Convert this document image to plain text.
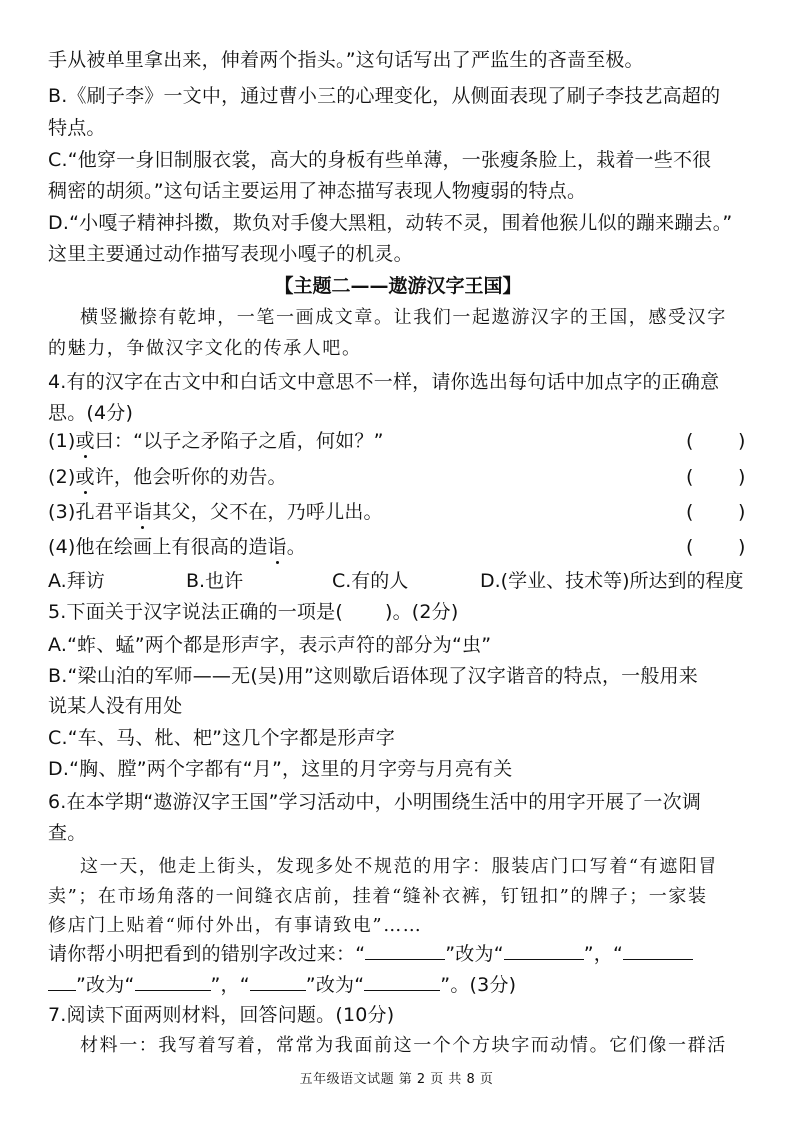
手从被单里拿出来，伸着两个指头。”这句话写出了严监生的吝啬至极。
B.《刷子李》一文中，通过曹小三的心理变化，从侧面表现了刷子李技艺高超的
特点。
C.“他穿一身旧制服衣裳，高大的身板有些单薄，一张瘦条脸上，栽着一些不很
稠密的胡须。”这句话主要运用了神态描写表现人物瘦弱的特点。
D.“小嘎子精神抖擞，欺负对手傻大黑粗，动转不灵，围着他猴儿似的蹦来蹦去。”
这里主要通过动作描写表现小嘎子的机灵。
【主题二——遨游汉字王国】
横竖撇捺有乾坤，一笔一画成文章。让我们一起遨游汉字的王国，感受汉字
的魅力，争做汉字文化的传承人吧。
4.有的汉字在古文中和白话文中意思不一样，请你选出每句话中加点字的正确意
思。(4分)
(1)或曰：“以子之矛陷子之盾，何如？”	( )
(2)或许，他会听你的劝告。	( )
(3)孔君平诣其父，父不在，乃呼儿出。	( )
(4)他在绘画上有很高的造诣。	( )
A.拜访	B.也许	C.有的人	D.(学业、技术等)所达到的程度
5.下面关于汉字说法正确的一项是( )。(2分)
A.“蚱、蜢”两个都是形声字，表示声符的部分为“虫”
B.“梁山泊的军师——无(吴)用”这则歇后语体现了汉字谐音的特点，一般用来
说某人没有用处
C.“车、马、枇、杷”这几个字都是形声字
D.“胸、膛”两个字都有“月”，这里的月字旁与月亮有关
6.在本学期“遨游汉字王国”学习活动中，小明围绕生活中的用字开展了一次调
查。
这一天，他走上街头，发现多处不规范的用字：服装店门口写着“有遮阳冒
卖”；在市场角落的一间缝衣店前，挂着“缝补衣裤，钉钮扣”的牌子；一家装
修店门上贴着“师付外出，有事请致电”……
请你帮小明把看到的错别字改过来：“	”改为“	”，“
”改为“	”，“	”改为“	”。(3分)
7.阅读下面两则材料，回答问题。(10分)
材料一：我写着写着，常常为我面前这一个个方块字而动情。它们像一群活
五年级语文试题 第 2 页 共 8 页
